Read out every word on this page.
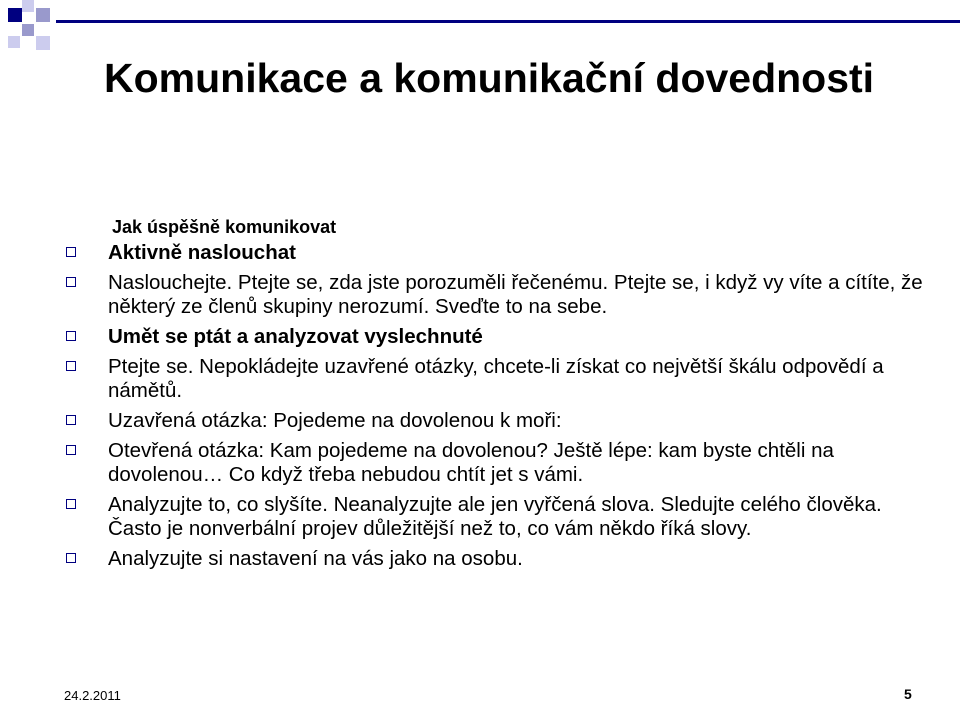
Komunikace a komunikační dovednosti
Jak úspěšně komunikovat
Aktivně naslouchat
Naslouchejte. Ptejte se, zda jste porozuměli řečenému. Ptejte se, i když vy víte a cítíte, že některý ze členů skupiny nerozumí. Sveďte to na sebe.
Umět se ptát a analyzovat vyslechnuté
Ptejte se. Nepokládejte uzavřené otázky, chcete-li získat co největší škálu odpovědí a námětů.
Uzavřená otázka: Pojedeme na dovolenou k moři:
Otevřená otázka: Kam pojedeme na dovolenou? Ještě lépe: kam byste chtěli na dovolenou… Co když třeba nebudou chtít jet s vámi.
Analyzujte to, co slyšíte. Neanalyzujte ale jen vyřčená slova. Sledujte celého člověka. Často je nonverbální projev důležitější než to, co vám někdo říká slovy.
Analyzujte si nastavení na vás jako na osobu.
24.2.2011	5
